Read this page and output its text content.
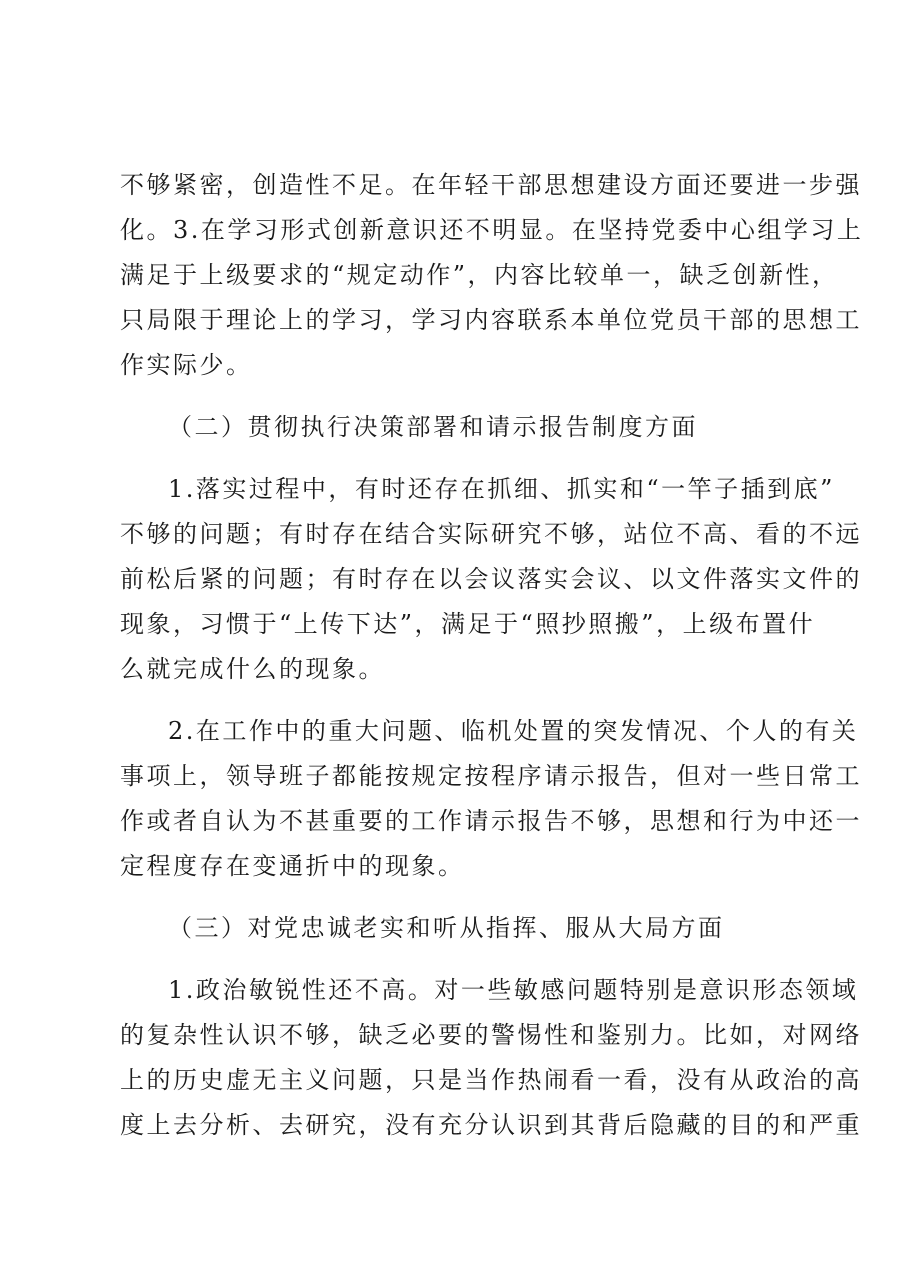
不够紧密，创造性不足。在年轻干部思想建设方面还要进一步强
化。3.在学习形式创新意识还不明显。在坚持党委中心组学习上
满足于上级要求的“规定动作”，内容比较单一，缺乏创新性，
只局限于理论上的学习，学习内容联系本单位党员干部的思想工
作实际少。
（二）贯彻执行决策部署和请示报告制度方面
1.落实过程中，有时还存在抓细、抓实和“一竿子插到底”
不够的问题；有时存在结合实际研究不够，站位不高、看的不远
前松后紧的问题；有时存在以会议落实会议、以文件落实文件的
现象，习惯于“上传下达”，满足于“照抄照搬”，上级布置什
么就完成什么的现象。
2.在工作中的重大问题、临机处置的突发情况、个人的有关
事项上，领导班子都能按规定按程序请示报告，但对一些日常工
作或者自认为不甚重要的工作请示报告不够，思想和行为中还一
定程度存在变通折中的现象。
（三）对党忠诚老实和听从指挥、服从大局方面
1.政治敏锐性还不高。对一些敏感问题特别是意识形态领域
的复杂性认识不够，缺乏必要的警惕性和鉴别力。比如，对网络
上的历史虚无主义问题，只是当作热闹看一看，没有从政治的高
度上去分析、去研究，没有充分认识到其背后隐藏的目的和严重
